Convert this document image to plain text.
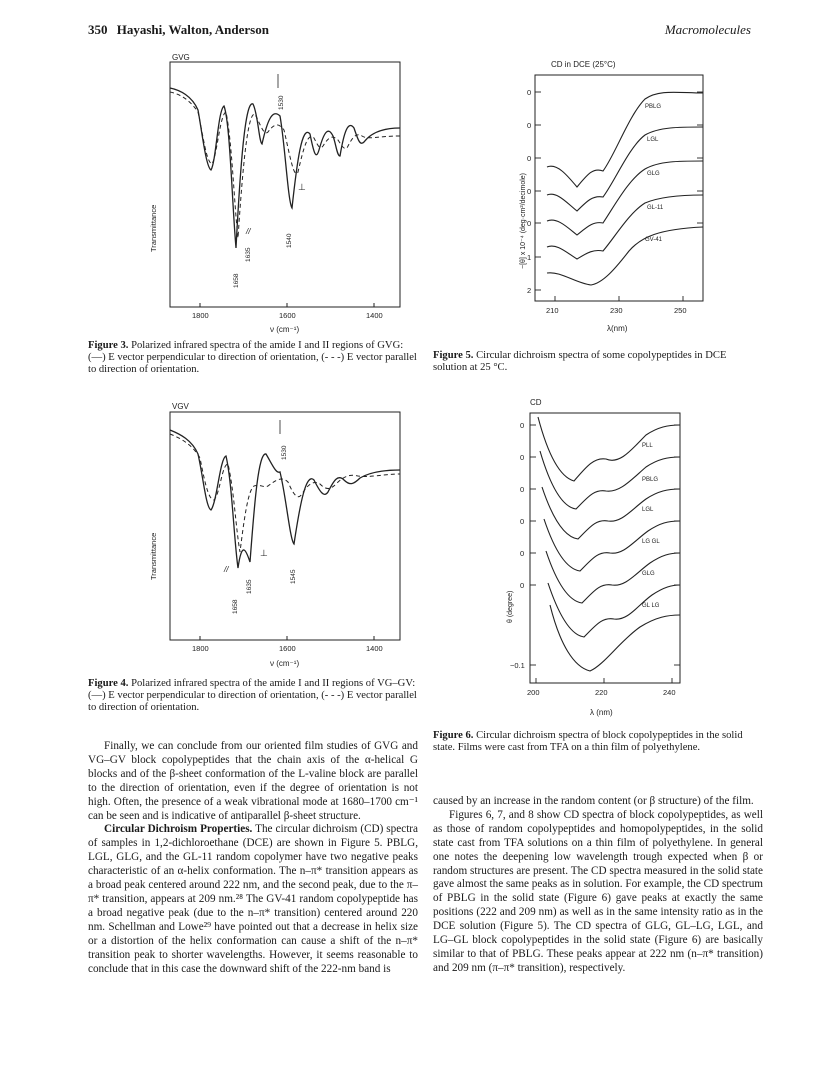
350 Hayashi, Walton, Anderson	Macromolecules
GVG
Transmittance
1530
⊥
//
1658
1635
1540
1800	1600	1400
ν (cm⁻¹)
Figure 3. Polarized infrared spectra of the amide I and II regions of GVG: (—) E vector perpendicular to direction of orientation, (- - -) E vector parallel to direction of orientation.
VGV
Transmittance
1530
⊥
//
1658
1635
1545
1800	1600	1400
ν (cm⁻¹)
Figure 4. Polarized infrared spectra of the amide I and II regions of VG–GV: (—) E vector perpendicular to direction of orientation, (- - -) E vector parallel to direction of orientation.
CD in DCE (25°C)
−[θ] x 10⁻⁴ (deg·cm²/decimole)
0
0
0
0
0
1
2
PBLG
LGL
GLG
GL-11
GV-41
210	230	250
λ(nm)
Figure 5. Circular dichroism spectra of some copolypeptides in DCE solution at 25 °C.
CD
θ (degree)
0
0
0
0
0
0
−0.1
PLL
PBLG
LGL
LG GL
GLG
GL LG
200	220	240
λ (nm)
Figure 6. Circular dichroism spectra of block copolypeptides in the solid state. Films were cast from TFA on a thin film of polyethylene.

Finally, we can conclude from our oriented film studies of GVG and VG–GV block copolypeptides that the chain axis of the α-helical G blocks and of the β-sheet conformation of the L-valine block are parallel to the direction of orientation, even if the degree of orientation is not high. Often, the presence of a weak vibrational mode at 1680–1700 cm⁻¹ can be seen and is indicative of antiparallel β-sheet structure.

Circular Dichroism Properties. The circular dichroism (CD) spectra of samples in 1,2-dichloroethane (DCE) are shown in Figure 5. PBLG, LGL, GLG, and the GL-11 random copolymer have two negative peaks characteristic of an α-helix conformation. The n–π* transition appears as a broad peak centered around 222 nm, and the second peak, due to the π–π* transition, appears at 209 nm.²⁸ The GV-41 random copolypeptide has a broad negative peak (due to the n–π* transition) centered around 220 nm. Schellman and Lowe²⁹ have pointed out that a decrease in helix size or a distortion of the helix conformation can cause a shift of the n–π* transition peak to shorter wavelengths. However, it seems reasonable to conclude that in this case the downward shift of the 222-nm band is

caused by an increase in the random content (or β structure) of the film.

Figures 6, 7, and 8 show CD spectra of block copolypeptides, as well as those of random copolypeptides and homopolypeptides, in the solid state cast from TFA solutions on a thin film of polyethylene. In general one notes the deepening low wavelength trough expected when β or random structures are present. The CD spectra measured in the solid state gave almost the same peaks as in solution. For example, the CD spectrum of PBLG in the solid state (Figure 6) gave peaks at exactly the same positions (222 and 209 nm) as well as in the same intensity ratio as in the DCE solution (Figure 5). The CD spectra of GLG, GL–LG, LGL, and LG–GL block copolypeptides in the solid state (Figure 6) are basically similar to that of PBLG. These peaks appear at 222 nm (n–π* transition) and 209 nm (π–π* transition), respectively.
